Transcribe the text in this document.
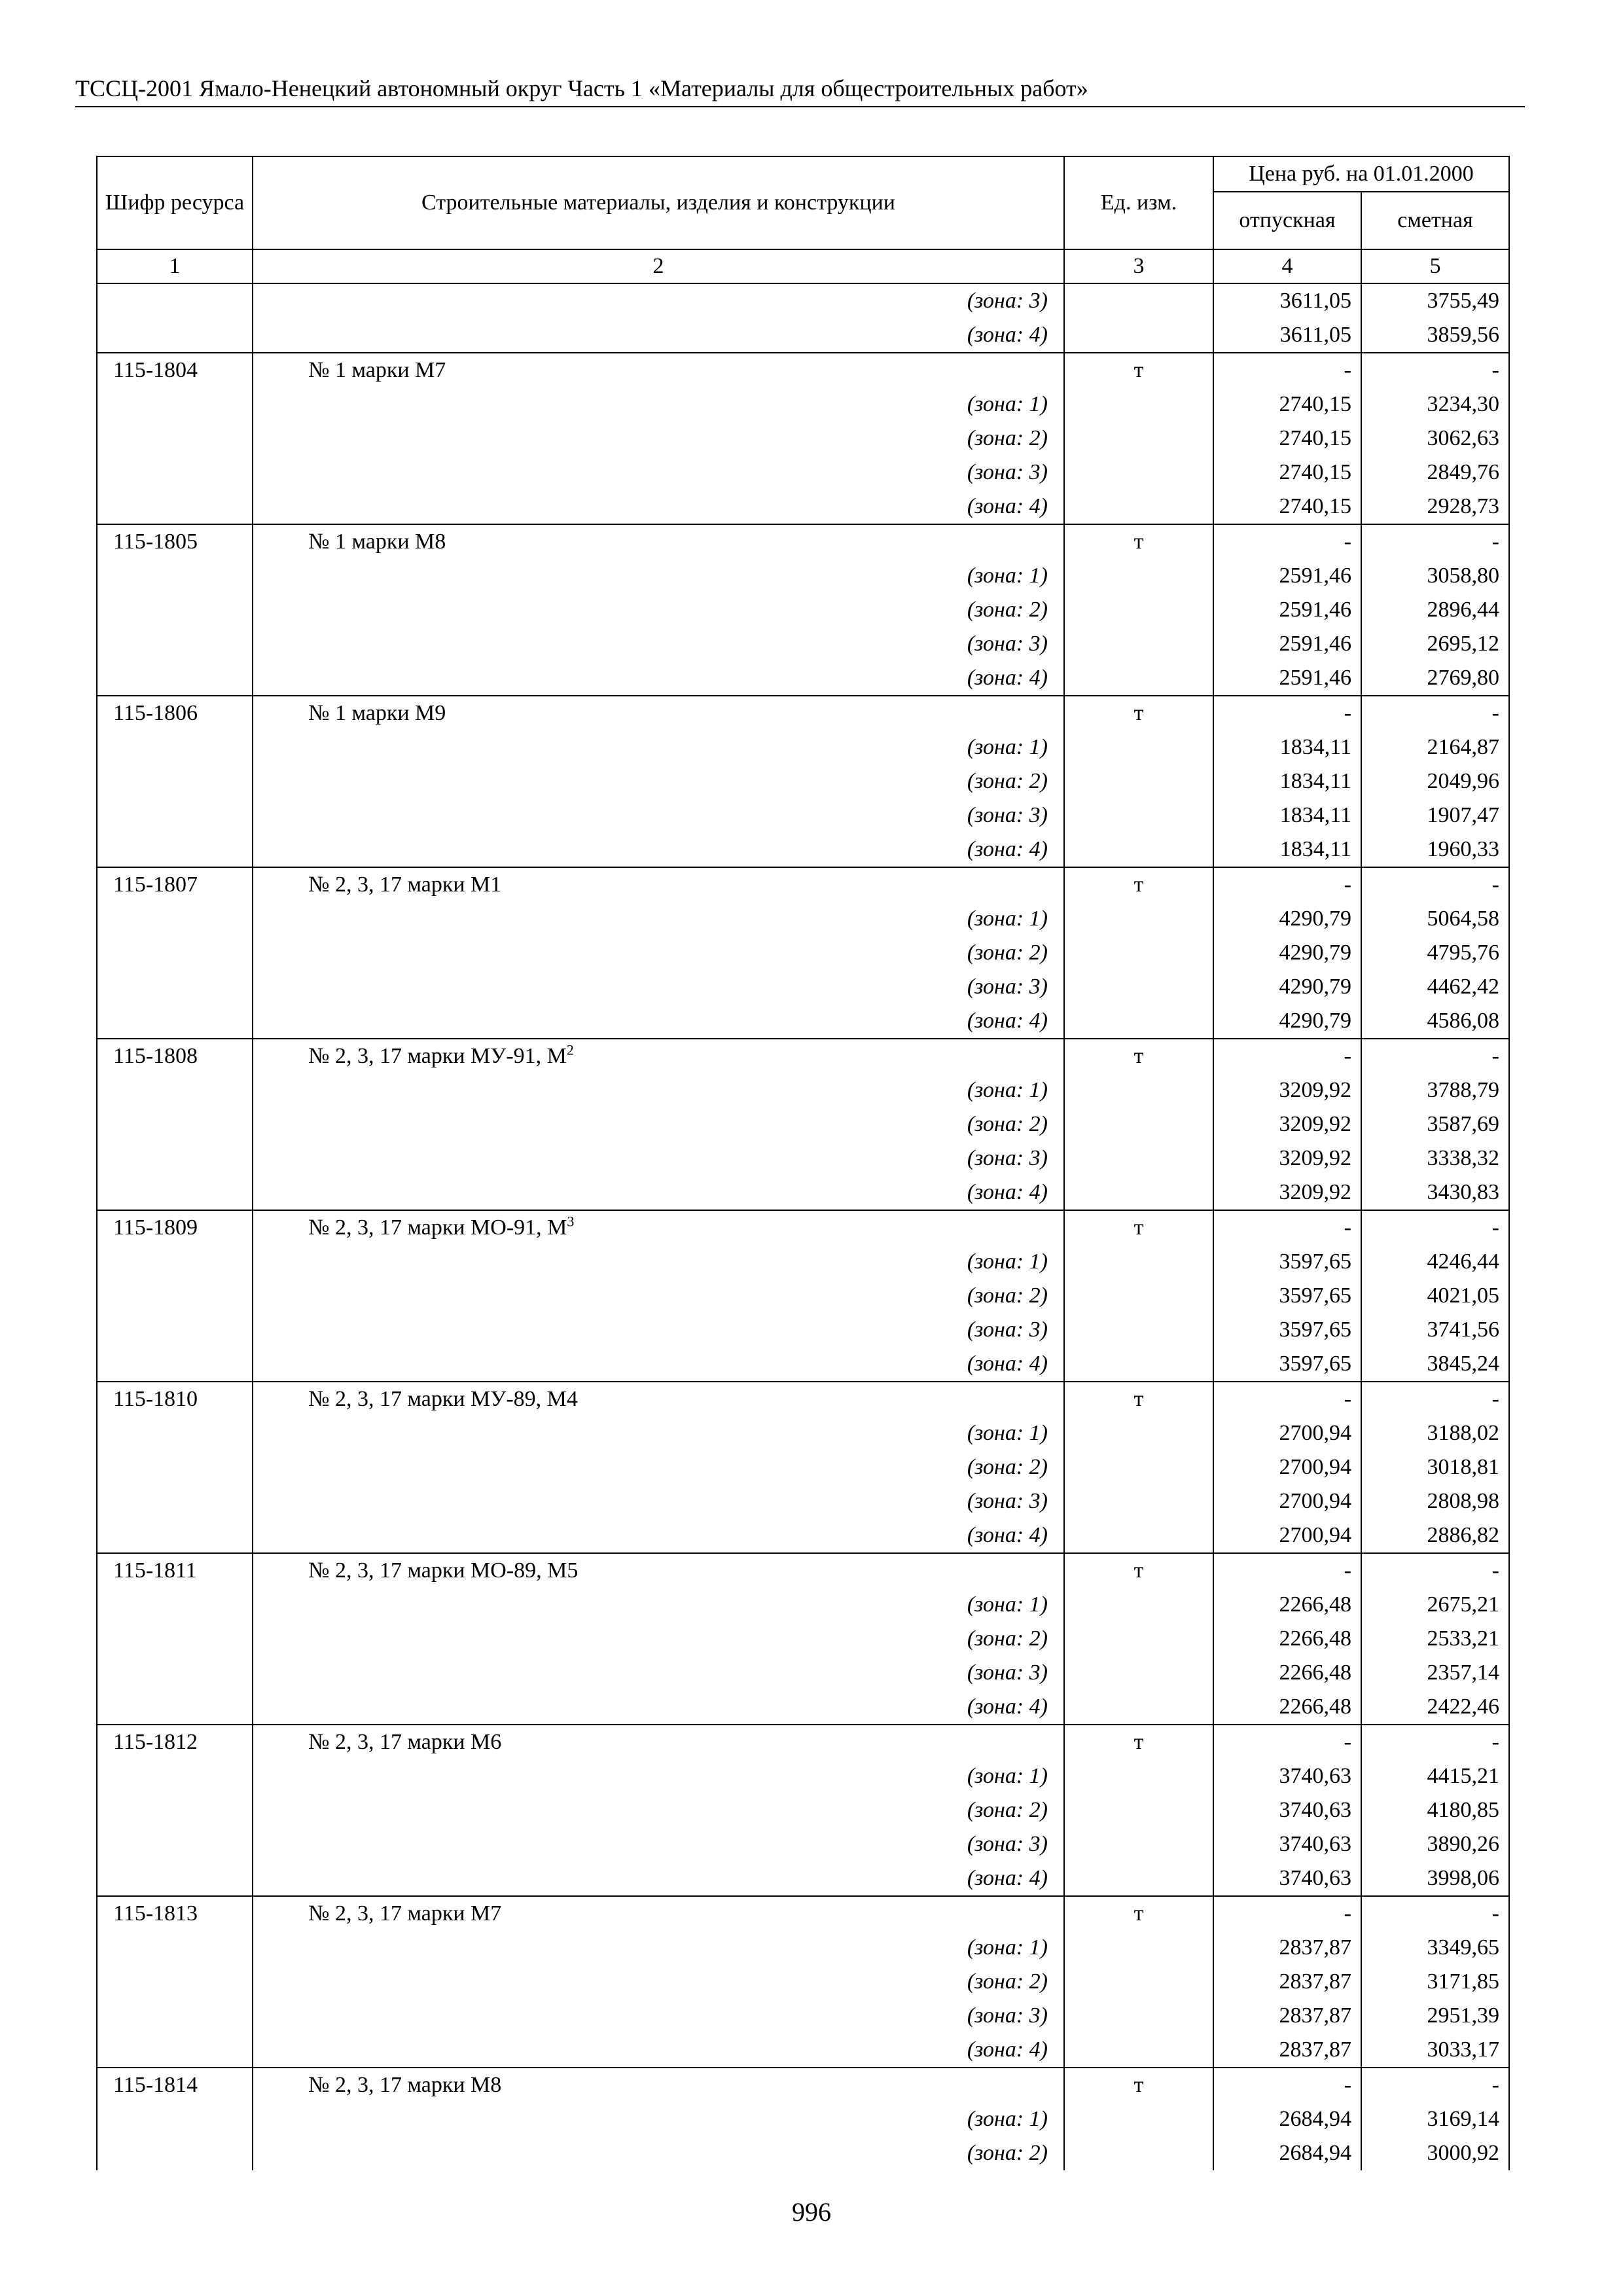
ТССЦ-2001 Ямало-Ненецкий автономный округ Часть 1 «Материалы для общестроительных работ»
Шифр ресурса	Строительные материалы, изделия и конструкции	Ед. изм.	Цена руб. на 01.01.2000	
			отпускная	сметная
1	2	3	4	5
	(зона: 3)		3611,05	3755,49
	(зона: 4)		3611,05	3859,56
115-1804	№ 1 марки М7	т	-	-
	(зона: 1)		2740,15	3234,30
	(зона: 2)		2740,15	3062,63
	(зона: 3)		2740,15	2849,76
	(зона: 4)		2740,15	2928,73
115-1805	№ 1 марки М8	т	-	-
	(зона: 1)		2591,46	3058,80
	(зона: 2)		2591,46	2896,44
	(зона: 3)		2591,46	2695,12
	(зона: 4)		2591,46	2769,80
115-1806	№ 1 марки М9	т	-	-
	(зона: 1)		1834,11	2164,87
	(зона: 2)		1834,11	2049,96
	(зона: 3)		1834,11	1907,47
	(зона: 4)		1834,11	1960,33
115-1807	№ 2, 3, 17 марки М1	т	-	-
	(зона: 1)		4290,79	5064,58
	(зона: 2)		4290,79	4795,76
	(зона: 3)		4290,79	4462,42
	(зона: 4)		4290,79	4586,08
115-1808	№ 2, 3, 17 марки МУ-91, $М^2$	т	-	-
	(зона: 1)		3209,92	3788,79
	(зона: 2)		3209,92	3587,69
	(зона: 3)		3209,92	3338,32
	(зона: 4)		3209,92	3430,83
115-1809	№ 2, 3, 17 марки МО-91, $М^3$	т	-	-
	(зона: 1)		3597,65	4246,44
	(зона: 2)		3597,65	4021,05
	(зона: 3)		3597,65	3741,56
	(зона: 4)		3597,65	3845,24
115-1810	№ 2, 3, 17 марки МУ-89, М4	т	-	-
	(зона: 1)		2700,94	3188,02
	(зона: 2)		2700,94	3018,81
	(зона: 3)		2700,94	2808,98
	(зона: 4)		2700,94	2886,82
115-1811	№ 2, 3, 17 марки МО-89, М5	т	-	-
	(зона: 1)		2266,48	2675,21
	(зона: 2)		2266,48	2533,21
	(зона: 3)		2266,48	2357,14
	(зона: 4)		2266,48	2422,46
115-1812	№ 2, 3, 17 марки М6	т	-	-
	(зона: 1)		3740,63	4415,21
	(зона: 2)		3740,63	4180,85
	(зона: 3)		3740,63	3890,26
	(зона: 4)		3740,63	3998,06
115-1813	№ 2, 3, 17 марки М7	т	-	-
	(зона: 1)		2837,87	3349,65
	(зона: 2)		2837,87	3171,85
	(зона: 3)		2837,87	2951,39
	(зона: 4)		2837,87	3033,17
115-1814	№ 2, 3, 17 марки М8	т	-	-
	(зона: 1)		2684,94	3169,14
	(зона: 2)		2684,94	3000,92
996
